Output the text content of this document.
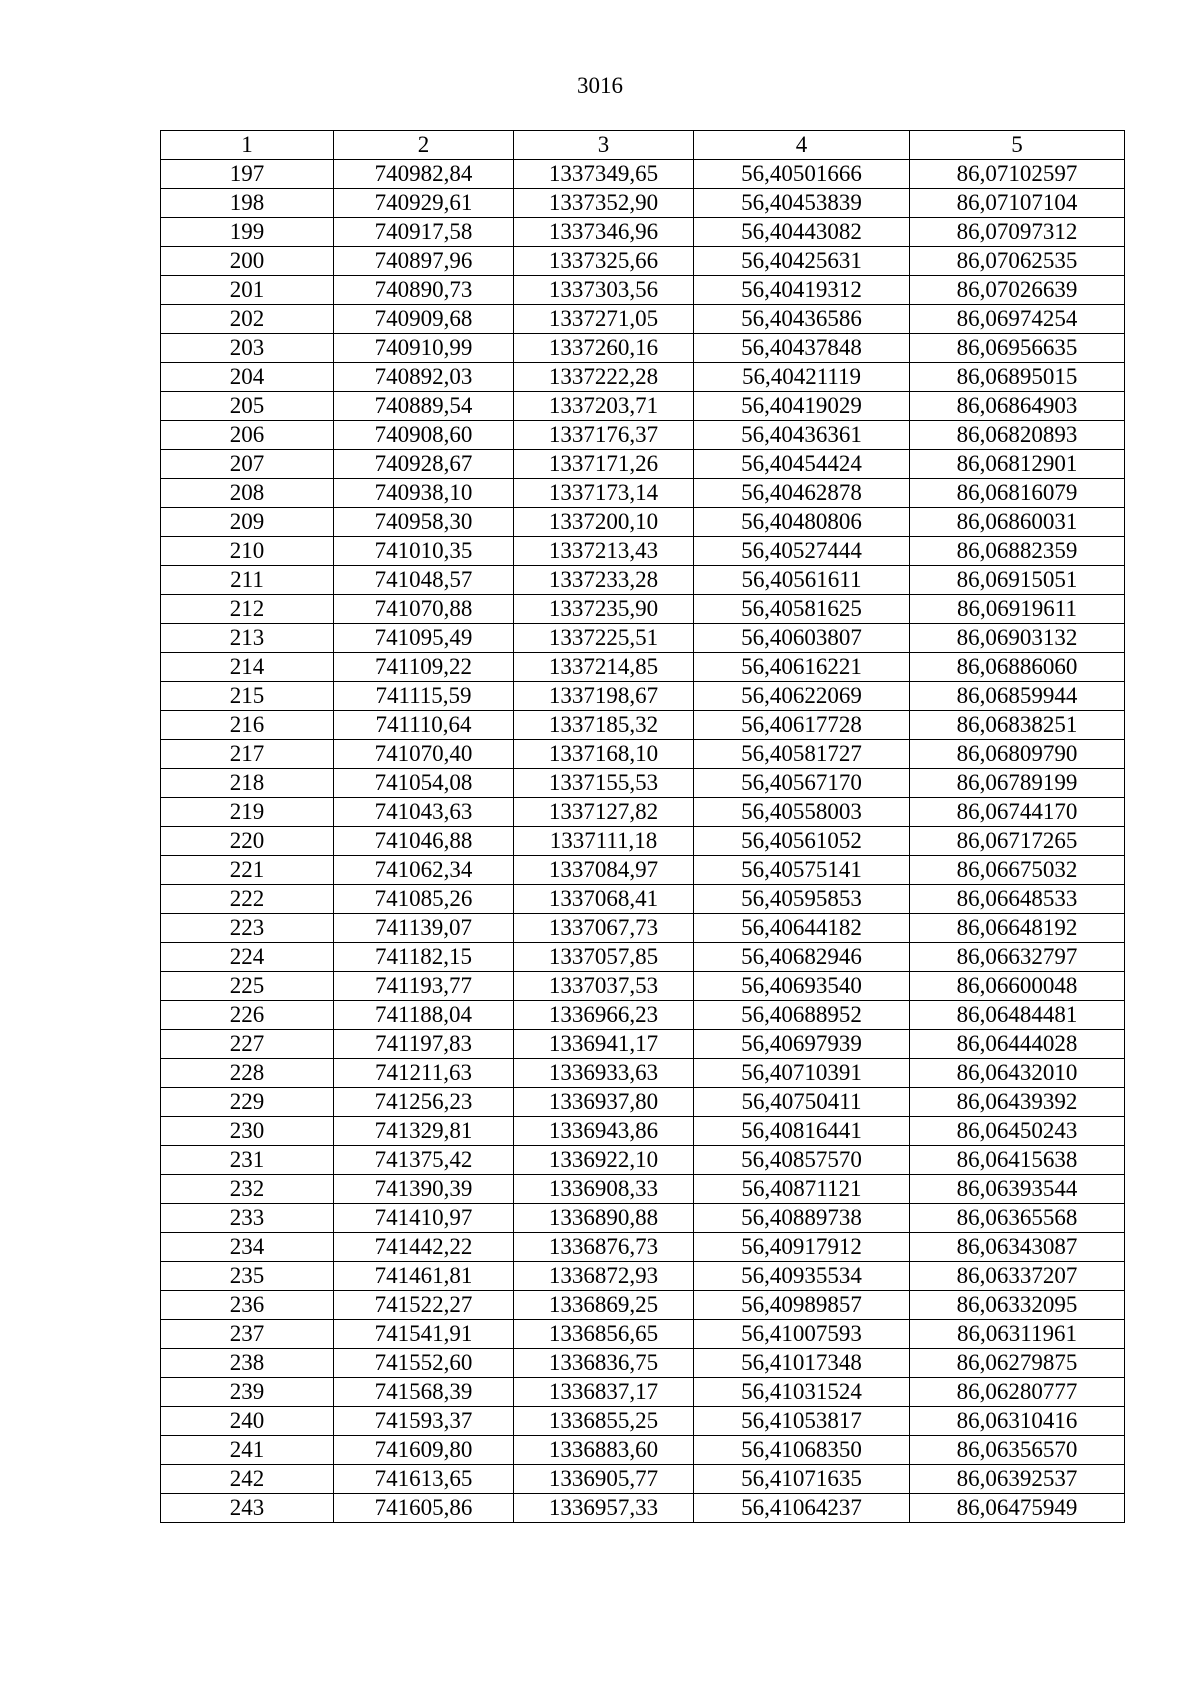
3016
1	2	3	4	5
197	740982,84	1337349,65	56,40501666	86,07102597
198	740929,61	1337352,90	56,40453839	86,07107104
199	740917,58	1337346,96	56,40443082	86,07097312
200	740897,96	1337325,66	56,40425631	86,07062535
201	740890,73	1337303,56	56,40419312	86,07026639
202	740909,68	1337271,05	56,40436586	86,06974254
203	740910,99	1337260,16	56,40437848	86,06956635
204	740892,03	1337222,28	56,40421119	86,06895015
205	740889,54	1337203,71	56,40419029	86,06864903
206	740908,60	1337176,37	56,40436361	86,06820893
207	740928,67	1337171,26	56,40454424	86,06812901
208	740938,10	1337173,14	56,40462878	86,06816079
209	740958,30	1337200,10	56,40480806	86,06860031
210	741010,35	1337213,43	56,40527444	86,06882359
211	741048,57	1337233,28	56,40561611	86,06915051
212	741070,88	1337235,90	56,40581625	86,06919611
213	741095,49	1337225,51	56,40603807	86,06903132
214	741109,22	1337214,85	56,40616221	86,06886060
215	741115,59	1337198,67	56,40622069	86,06859944
216	741110,64	1337185,32	56,40617728	86,06838251
217	741070,40	1337168,10	56,40581727	86,06809790
218	741054,08	1337155,53	56,40567170	86,06789199
219	741043,63	1337127,82	56,40558003	86,06744170
220	741046,88	1337111,18	56,40561052	86,06717265
221	741062,34	1337084,97	56,40575141	86,06675032
222	741085,26	1337068,41	56,40595853	86,06648533
223	741139,07	1337067,73	56,40644182	86,06648192
224	741182,15	1337057,85	56,40682946	86,06632797
225	741193,77	1337037,53	56,40693540	86,06600048
226	741188,04	1336966,23	56,40688952	86,06484481
227	741197,83	1336941,17	56,40697939	86,06444028
228	741211,63	1336933,63	56,40710391	86,06432010
229	741256,23	1336937,80	56,40750411	86,06439392
230	741329,81	1336943,86	56,40816441	86,06450243
231	741375,42	1336922,10	56,40857570	86,06415638
232	741390,39	1336908,33	56,40871121	86,06393544
233	741410,97	1336890,88	56,40889738	86,06365568
234	741442,22	1336876,73	56,40917912	86,06343087
235	741461,81	1336872,93	56,40935534	86,06337207
236	741522,27	1336869,25	56,40989857	86,06332095
237	741541,91	1336856,65	56,41007593	86,06311961
238	741552,60	1336836,75	56,41017348	86,06279875
239	741568,39	1336837,17	56,41031524	86,06280777
240	741593,37	1336855,25	56,41053817	86,06310416
241	741609,80	1336883,60	56,41068350	86,06356570
242	741613,65	1336905,77	56,41071635	86,06392537
243	741605,86	1336957,33	56,41064237	86,06475949
